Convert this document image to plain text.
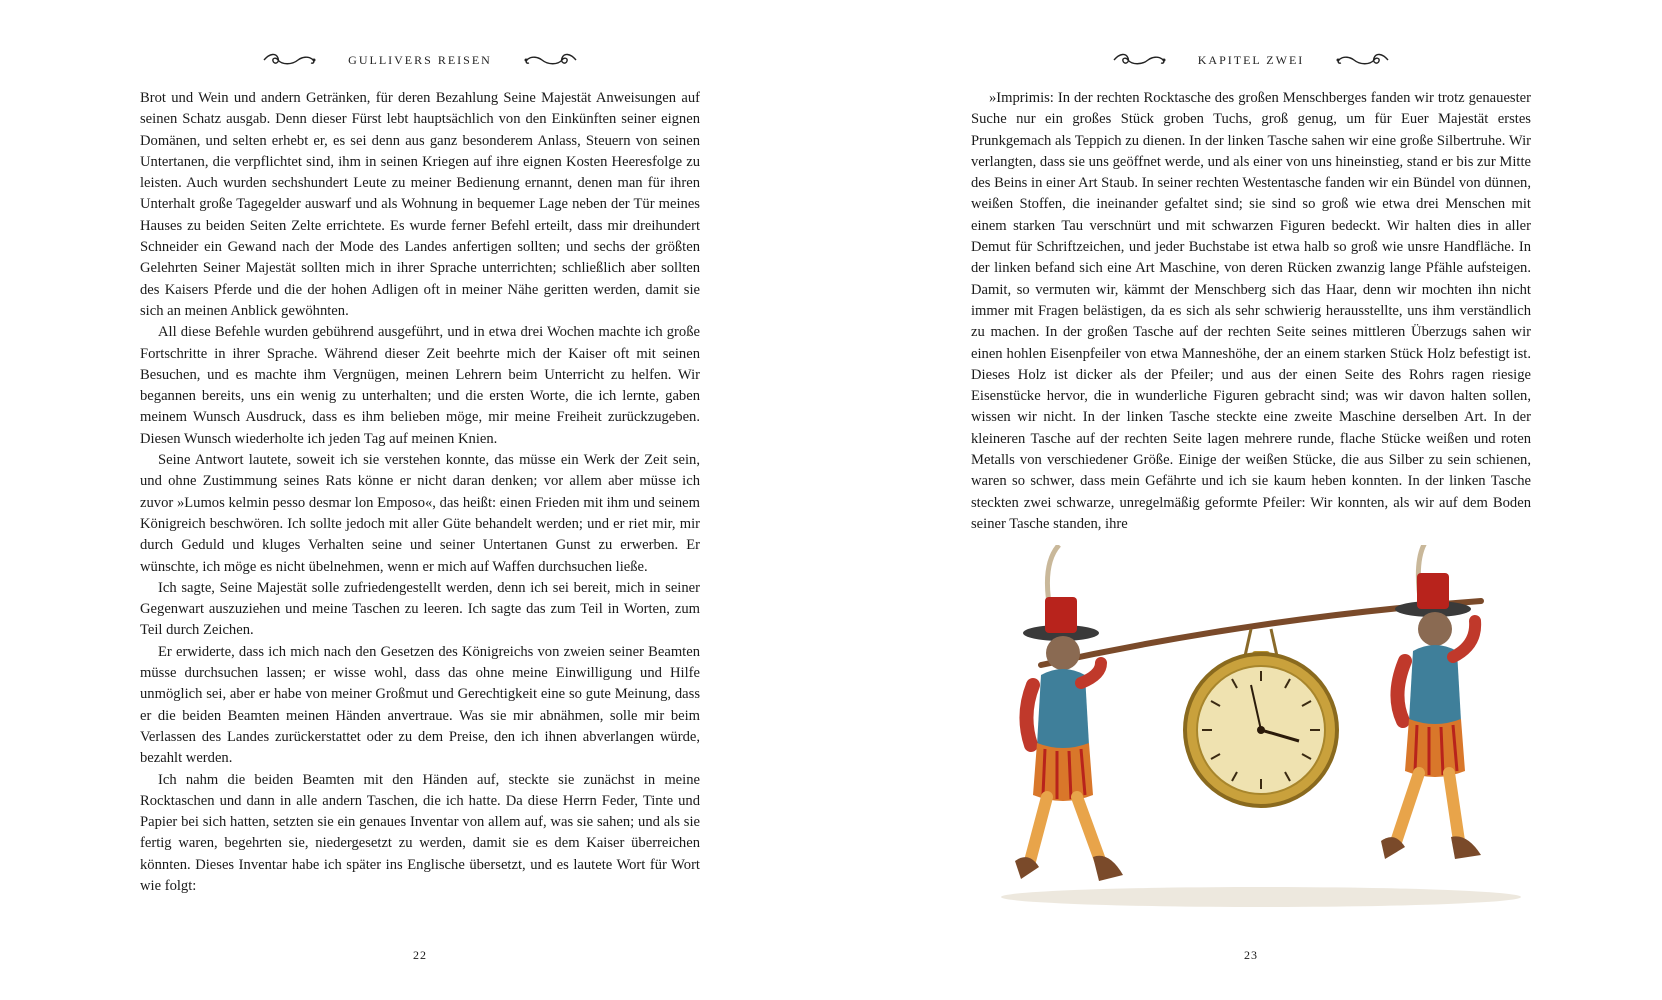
GULLIVERS REISEN

Brot und Wein und andern Getränken, für deren Bezahlung Seine Majestät Anweisungen auf seinen Schatz ausgab. Denn dieser Fürst lebt hauptsächlich von den Einkünften seiner eignen Domänen, und selten erhebt er, es sei denn aus ganz besonderem Anlass, Steuern von seinen Untertanen, die verpflichtet sind, ihm in seinen Kriegen auf ihre eignen Kosten Heeresfolge zu leisten. Auch wurden sechshundert Leute zu meiner Bedienung ernannt, denen man für ihren Unterhalt große Tagegelder auswarf und als Wohnung in bequemer Lage neben der Tür meines Hauses zu beiden Seiten Zelte errichtete. Es wurde ferner Befehl erteilt, dass mir dreihundert Schneider ein Gewand nach der Mode des Landes anfertigen sollten; und sechs der größten Gelehrten Seiner Majestät sollten mich in ihrer Sprache unterrichten; schließlich aber sollten des Kaisers Pferde und die der hohen Adligen oft in meiner Nähe geritten werden, damit sie sich an meinen Anblick gewöhnten.

All diese Befehle wurden gebührend ausgeführt, und in etwa drei Wochen machte ich große Fortschritte in ihrer Sprache. Während dieser Zeit beehrte mich der Kaiser oft mit seinen Besuchen, und es machte ihm Vergnügen, meinen Lehrern beim Unterricht zu helfen. Wir begannen bereits, uns ein wenig zu unterhalten; und die ersten Worte, die ich lernte, gaben meinem Wunsch Ausdruck, dass es ihm belieben möge, mir meine Freiheit zurückzugeben. Diesen Wunsch wiederholte ich jeden Tag auf meinen Knien.

Seine Antwort lautete, soweit ich sie verstehen konnte, das müsse ein Werk der Zeit sein, und ohne Zustimmung seines Rats könne er nicht daran denken; vor allem aber müsse ich zuvor »Lumos kelmin pesso desmar lon Emposo«, das heißt: einen Frieden mit ihm und seinem Königreich beschwören. Ich sollte jedoch mit aller Güte behandelt werden; und er riet mir, mir durch Geduld und kluges Verhalten seine und seiner Untertanen Gunst zu erwerben. Er wünschte, ich möge es nicht übelnehmen, wenn er mich auf Waffen durchsuchen ließe.

Ich sagte, Seine Majestät solle zufriedengestellt werden, denn ich sei bereit, mich in seiner Gegenwart auszuziehen und meine Taschen zu leeren. Ich sagte das zum Teil in Worten, zum Teil durch Zeichen.

Er erwiderte, dass ich mich nach den Gesetzen des Königreichs von zweien seiner Beamten müsse durchsuchen lassen; er wisse wohl, dass das ohne meine Einwilligung und Hilfe unmöglich sei, aber er habe von meiner Großmut und Gerechtigkeit eine so gute Meinung, dass er die beiden Beamten meinen Händen anvertraue. Was sie mir abnähmen, solle mir beim Verlassen des Landes zurückerstattet oder zu dem Preise, den ich ihnen abverlangen würde, bezahlt werden.

Ich nahm die beiden Beamten mit den Händen auf, steckte sie zunächst in meine Rocktaschen und dann in alle andern Taschen, die ich hatte. Da diese Herrn Feder, Tinte und Papier bei sich hatten, setzten sie ein genaues Inventar von allem auf, was sie sahen; und als sie fertig waren, begehrten sie, niedergesetzt zu werden, damit sie es dem Kaiser überreichen könnten. Dieses Inventar habe ich später ins Englische übersetzt, und es lautete Wort für Wort wie folgt:

22
KAPITEL ZWEI

»Imprimis: In der rechten Rocktasche des großen Menschberges fanden wir trotz genauester Suche nur ein großes Stück groben Tuchs, groß genug, um für Euer Majestät erstes Prunkgemach als Teppich zu dienen. In der linken Tasche sahen wir eine große Silbertruhe. Wir verlangten, dass sie uns geöffnet werde, und als einer von uns hineinstieg, stand er bis zur Mitte des Beins in einer Art Staub. In seiner rechten Westentasche fanden wir ein Bündel von dünnen, weißen Stoffen, die ineinander gefaltet sind; sie sind so groß wie etwa drei Menschen mit einem starken Tau verschnürt und mit schwarzen Figuren bedeckt. Wir halten dies in aller Demut für Schriftzeichen, und jeder Buchstabe ist etwa halb so groß wie unsre Handfläche. In der linken befand sich eine Art Maschine, von deren Rücken zwanzig lange Pfähle aufsteigen. Damit, so vermuten wir, kämmt der Menschberg sich das Haar, denn wir mochten ihn nicht immer mit Fragen belästigen, da es sich als sehr schwierig herausstellte, uns ihm verständlich zu machen. In der großen Tasche auf der rechten Seite seines mittleren Überzugs sahen wir einen hohlen Eisenpfeiler von etwa Manneshöhe, der an einem starken Stück Holz befestigt ist. Dieses Holz ist dicker als der Pfeiler; und aus der einen Seite des Rohrs ragen riesige Eisenstücke hervor, die in wunderliche Figuren gebracht sind; was wir davon halten sollen, wissen wir nicht. In der linken Tasche steckte eine zweite Maschine derselben Art. In der kleineren Tasche auf der rechten Seite lagen mehrere runde, flache Stücke weißen und roten Metalls von verschiedener Größe. Einige der weißen Stücke, die aus Silber zu sein schienen, waren so schwer, dass mein Gefährte und ich sie kaum heben konnten. In der linken Tasche steckten zwei schwarze, unregelmäßig geformte Pfeiler: Wir konnten, als wir auf dem Boden seiner Tasche standen, ihre

23
